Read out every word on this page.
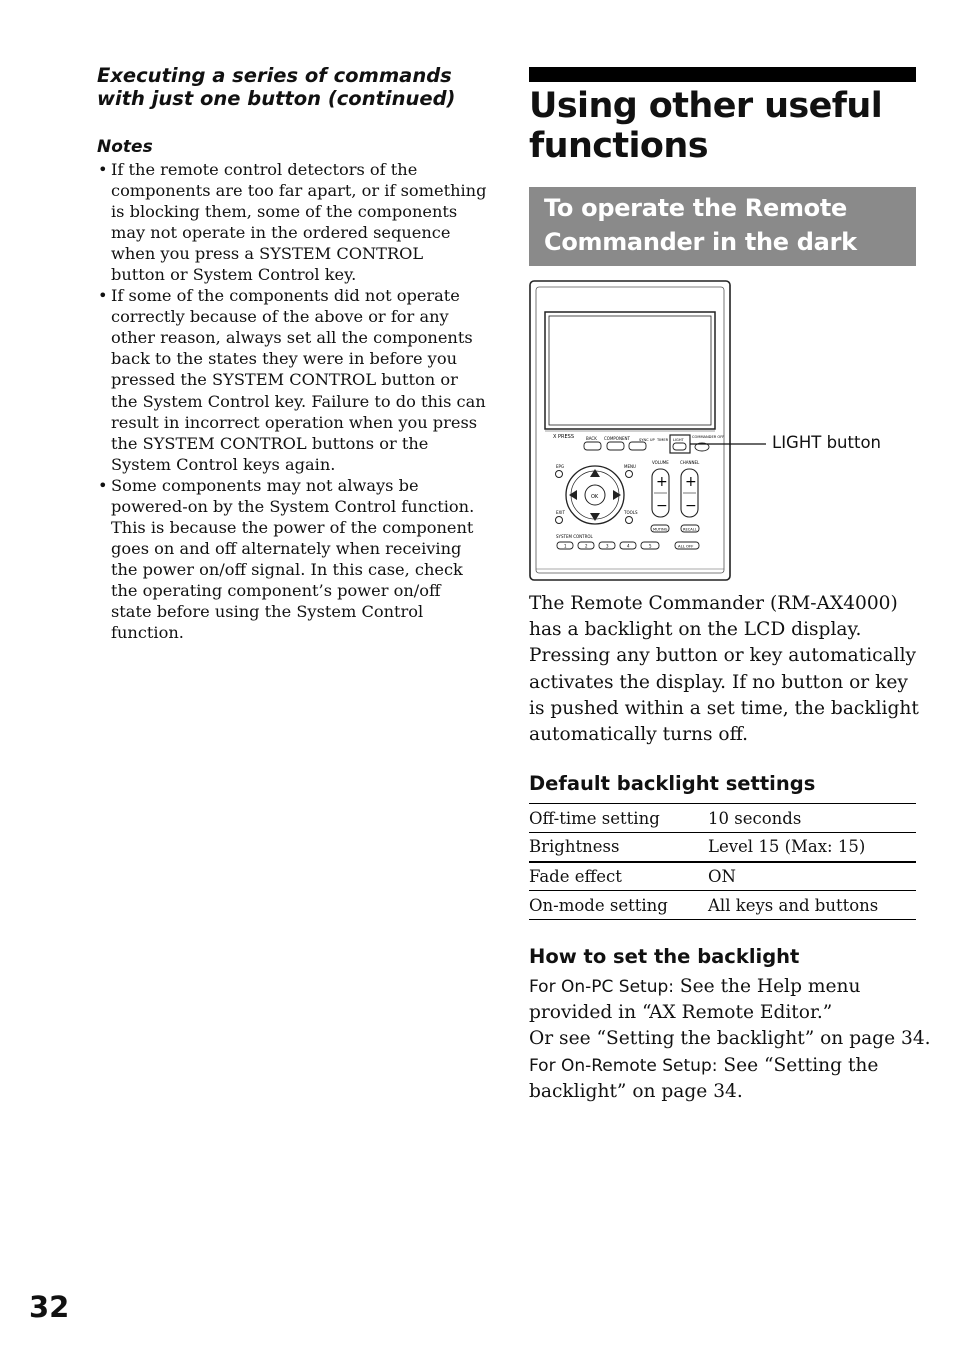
Executing a series of commands
with just one button (continued)
Notes
• If the remote control detectors of the
components are too far apart, or if something
is blocking them, some of the components
may not operate in the ordered sequence
when you press a SYSTEM CONTROL
button or System Control key.
• If some of the components did not operate
correctly because of the above or for any
other reason, always set all the components
back to the states they were in before you
pressed the SYSTEM CONTROL button or
the System Control key. Failure to do this can
result in incorrect operation when you press
the SYSTEM CONTROL buttons or the
System Control keys again.
• Some components may not always be
powered-on by the System Control function.
This is because the power of the component
goes on and off alternately when receiving
the power on/off signal. In this case, check
the operating component’s power on/off
state before using the System Control
function.
Using other useful
functions
To operate the Remote
Commander in the dark
X PRESS	BACK COMPONENT	SYNC UP TIMER LIGHT
COMMANDER OFF
EPG	MENU
EXIT	TOOLS
OK
VOLUME	CHANNEL
+
−
+
−
MUTING	RECALL
SYSTEM CONTROL
1	2	3	4	5	ALL OFF
LIGHT button
The Remote Commander (RM-AX4000)
has a backlight on the LCD display.
Pressing any button or key automatically
activates the display. If no button or key
is pushed within a set time, the backlight
automatically turns off.
Default backlight settings
Off-time setting	10 seconds
Brightness	Level 15 (Max: 15)
Fade effect	ON
On-mode setting	All keys and buttons
How to set the backlight
For On-PC Setup: See the Help menu
provided in “AX Remote Editor.”
Or see “Setting the backlight” on page 34.
For On-Remote Setup: See “Setting the
backlight” on page 34.
32
